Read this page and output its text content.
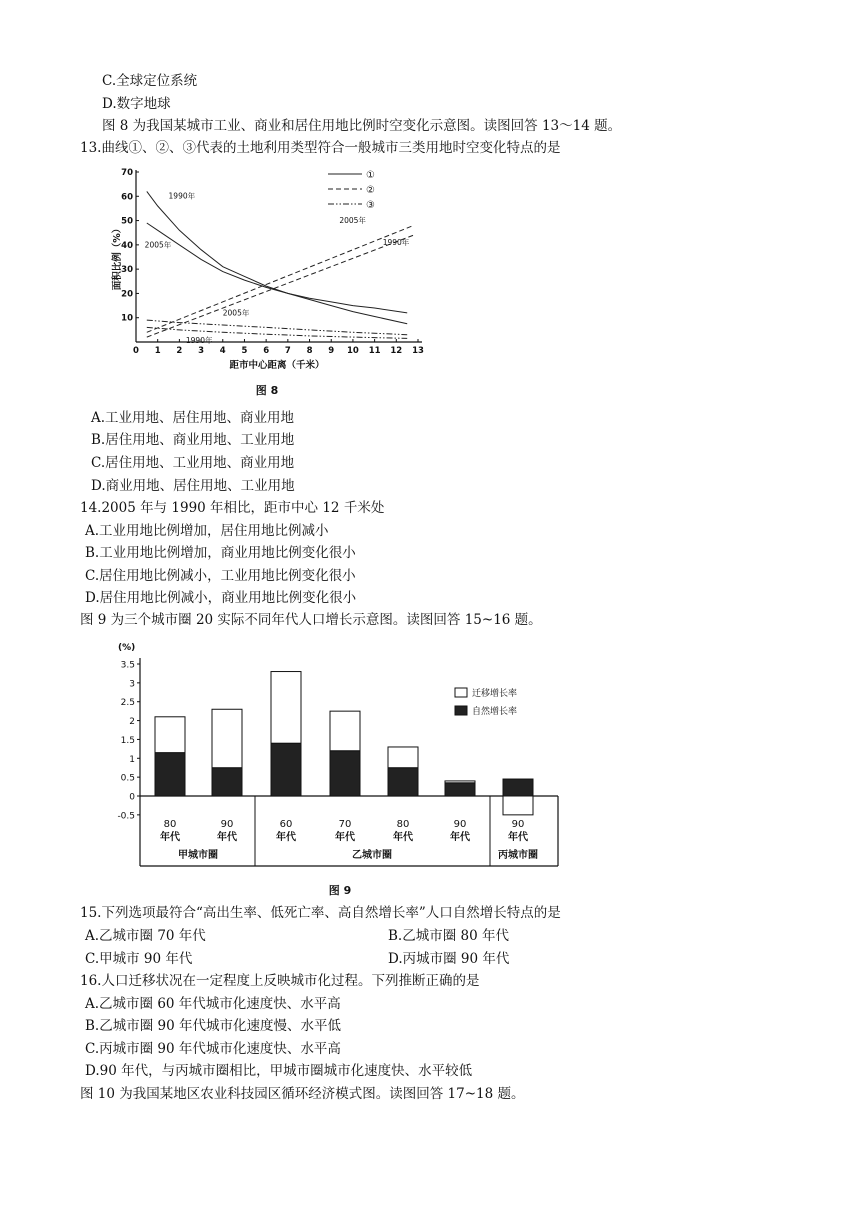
C.全球定位系统
D.数字地球
图 8 为我国某城市工业、商业和居住用地比例时空变化示意图。读图回答 13～14 题。
13.曲线①、②、③代表的土地利用类型符合一般城市三类用地时空变化特点的是
0 1 2 3 4 5 6 7 8 9 10 11 12 13
10
20
30
40
50
60
70
距市中心距离（千米）
面积比例（%）
图 8
1990年
2005年
2005年
1990年
2005年
1990年
①
②
③
A.工业用地、居住用地、商业用地
B.居住用地、商业用地、工业用地
C.居住用地、工业用地、商业用地
D.商业用地、居住用地、工业用地
14.2005 年与 1990 年相比，距市中心 12 千米处
A.工业用地比例增加，居住用地比例减小
B.工业用地比例增加，商业用地比例变化很小
C.居住用地比例减小，工业用地比例变化很小
D.居住用地比例减小，商业用地比例变化很小
图 9 为三个城市圈 20 实际不同年代人口增长示意图。读图回答 15~16 题。
(%)
-0.5
0
0.5
1
1.5
2
2.5
3
3.5
80
年代
90
年代
60
年代
70
年代
80
年代
90
年代
90
年代
甲城市圈	乙城市圈	丙城市圈
迁移增长率
自然增长率
图 9
15.下列选项最符合“高出生率、低死亡率、高自然增长率”人口自然增长特点的是
A.乙城市圈 70 年代	B.乙城市圈 80 年代
C.甲城市 90 年代	D.丙城市圈 90 年代
16.人口迁移状况在一定程度上反映城市化过程。下列推断正确的是
A.乙城市圈 60 年代城市化速度快、水平高
B.乙城市圈 90 年代城市化速度慢、水平低
C.丙城市圈 90 年代城市化速度快、水平高
D.90 年代，与丙城市圈相比，甲城市圈城市化速度快、水平较低
图 10 为我国某地区农业科技园区循环经济模式图。读图回答 17~18 题。
